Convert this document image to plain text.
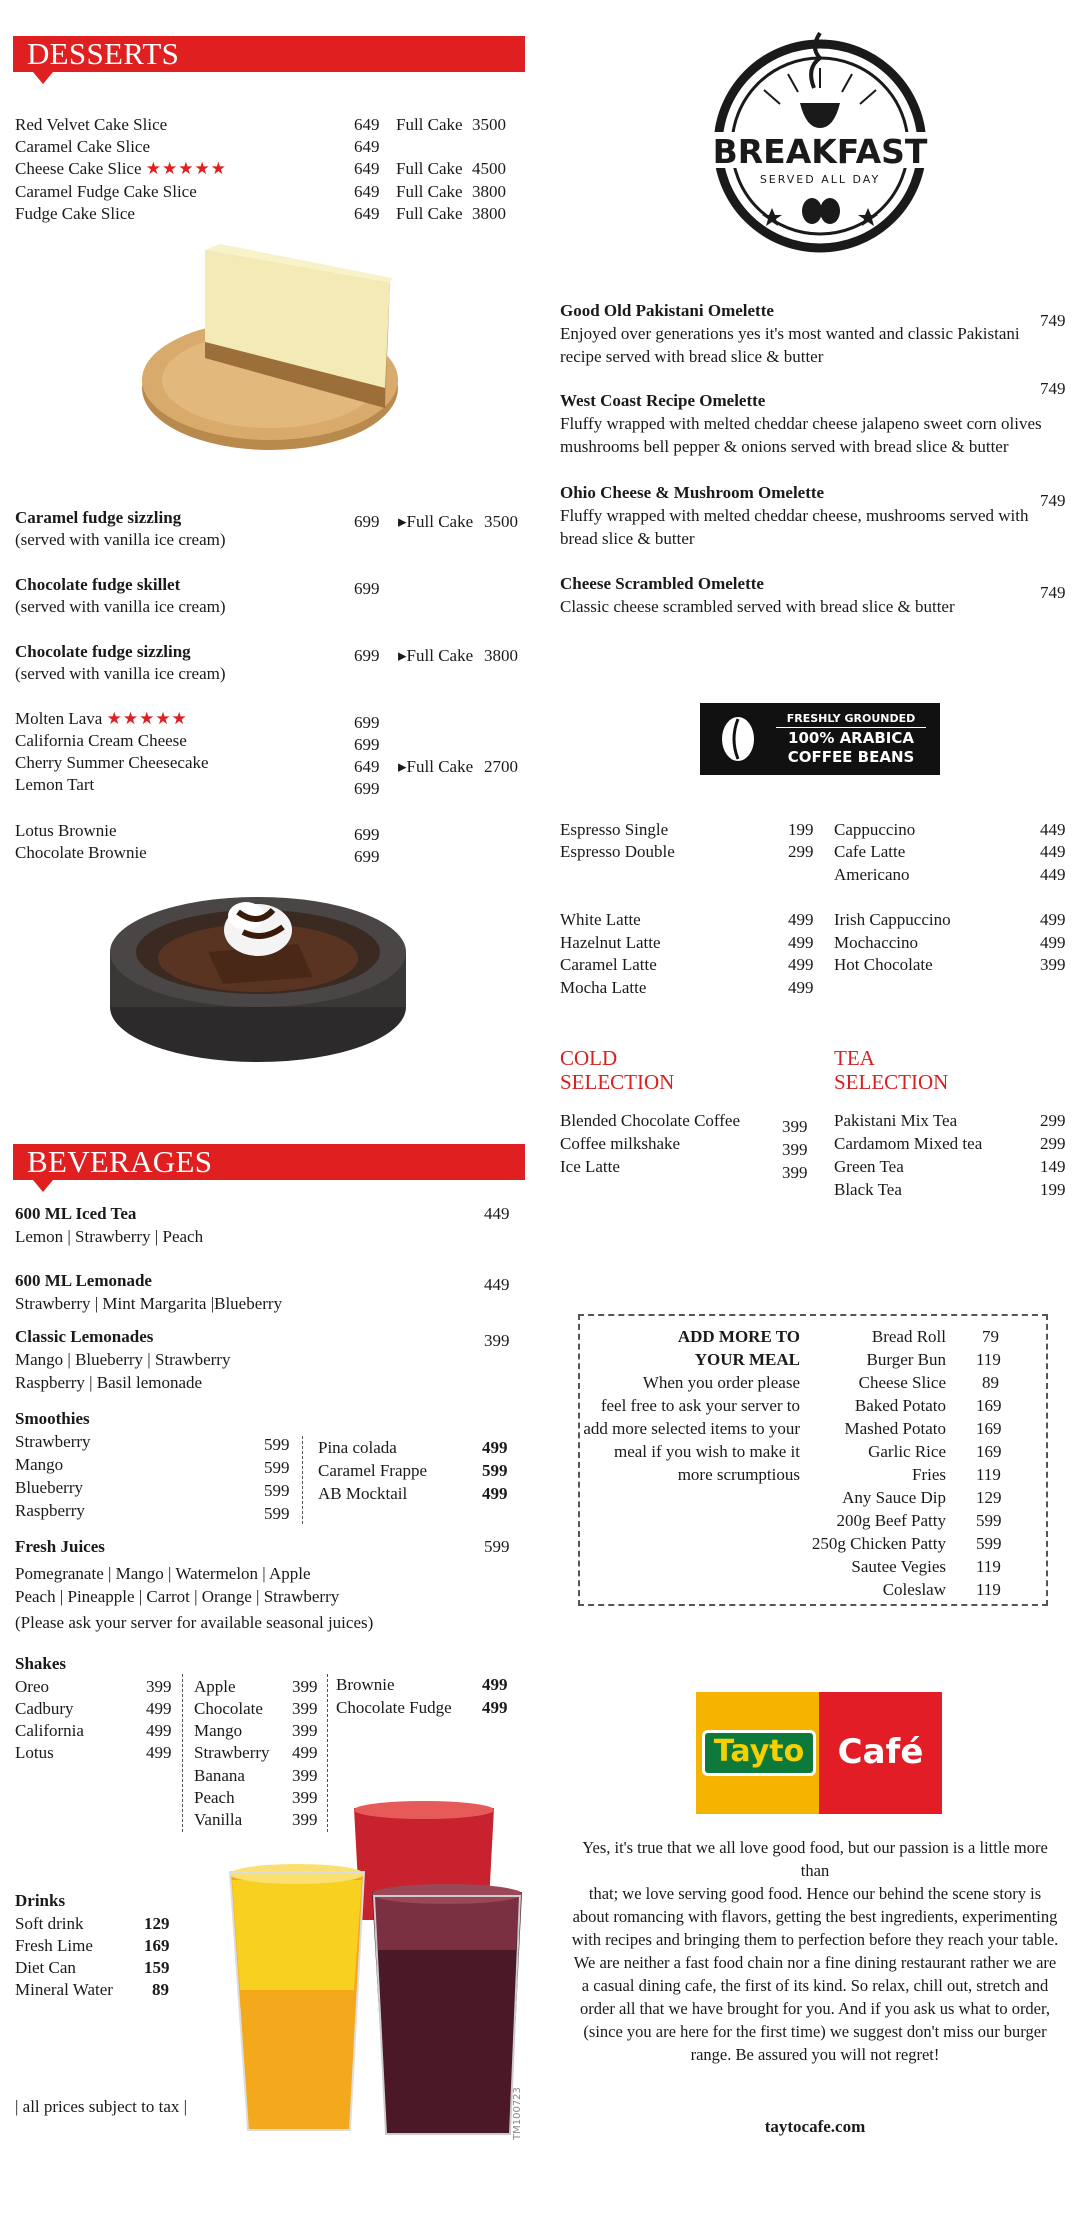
DESSERTS
Red Velvet Cake Slice	649 Full Cake 3500
Caramel Cake Slice	649
Cheese Cake Slice ★★★★★	649 Full Cake 4500
Caramel Fudge Cake Slice	649 Full Cake 3800
Fudge Cake Slice	649 Full Cake 3800
Caramel fudge sizzling
(served with vanilla ice cream)
699 ▸Full Cake 3500
Chocolate fudge skillet
(served with vanilla ice cream)
699
Chocolate fudge sizzling
(served with vanilla ice cream)
699 ▸Full Cake 3800
Molten Lava ★★★★★	699
California Cream Cheese	699
Cherry Summer Cheesecake	649 ▸Full Cake 2700
Lemon Tart	699
Lotus Brownie	699
Chocolate Brownie	699
BEVERAGES
600 ML Iced Tea
Lemon | Strawberry | Peach
449
600 ML Lemonade
Strawberry | Mint Margarita |Blueberry
449
Classic Lemonades
Mango | Blueberry | Strawberry
Raspberry | Basil lemonade
399
Smoothies
Strawberry	599
Mango	599
Blueberry	599
Raspberry	599
Pina colada	499
Caramel Frappe	599
AB Mocktail	499
Fresh Juices	599
Pomegranate | Mango | Watermelon | Apple
Peach | Pineapple | Carrot | Orange | Strawberry
(Please ask your server for available seasonal juices)
Shakes
Oreo	399
Cadbury	499
California	499
Lotus	499
Apple	399
Chocolate 399
Mango	399
Strawberry 499
Banana	399
Peach	399
Vanilla	399
Brownie	499
Chocolate Fudge 499
Drinks
Soft drink	129
Fresh Lime	169
Diet Can	159
Mineral Water 89
| all prices subject to tax |
BREAKFAST
SERVED ALL DAY
Good Old Pakistani Omelette
Enjoyed over generations yes it's most wanted and classic Pakistani
recipe served with bread slice & butter
749
West Coast Recipe Omelette
Fluffy wrapped with melted cheddar cheese jalapeno sweet corn olives
mushrooms bell pepper & onions served with bread slice & butter
749
Ohio Cheese & Mushroom Omelette
Fluffy wrapped with melted cheddar cheese, mushrooms served with
bread slice & butter
749
Cheese Scrambled Omelette
Classic cheese scrambled served with bread slice & butter
749
FRESHLY GROUNDED
100% ARABICA
COFFEE BEANS
Espresso Single	199
Espresso Double	299
Cappuccino	449
Cafe Latte	449
Americano	449
White Latte	499
Hazelnut Latte	499
Caramel Latte	499
Mocha Latte	499
Irish Cappuccino	499
Mochaccino	499
Hot Chocolate	399
COLD
SELECTION
Blended Chocolate Coffee 399
Coffee milkshake	399
Ice Latte	399
TEA
SELECTION
Pakistani Mix Tea	299
Cardamom Mixed tea	299
Green Tea	149
Black Tea	199
ADD MORE TO
YOUR MEAL
When you order please
feel free to ask your server to
add more selected items to your
meal if you wish to make it
more scrumptious
Bread Roll 79
Burger Bun 119
Cheese Slice 89
Baked Potato 169
Mashed Potato 169
Garlic Rice 169
Fries 119
Any Sauce Dip 129
200g Beef Patty 599
250g Chicken Patty 599
Sautee Vegies 119
Coleslaw 119
Tayto Café
Yes, it's true that we all love good food, but our passion is a little more than
that; we love serving good food. Hence our behind the scene story is
about romancing with flavors, getting the best ingredients, experimenting
with recipes and bringing them to perfection before they reach your table.
We are neither a fast food chain nor a fine dining restaurant rather we are
a casual dining cafe, the first of its kind. So relax, chill out, stretch and
order all that we have brought for you. And if you ask us what to order,
(since you are here for the first time) we suggest don't miss our burger
range. Be assured you will not regret!
taytocafe.com
TM100723
